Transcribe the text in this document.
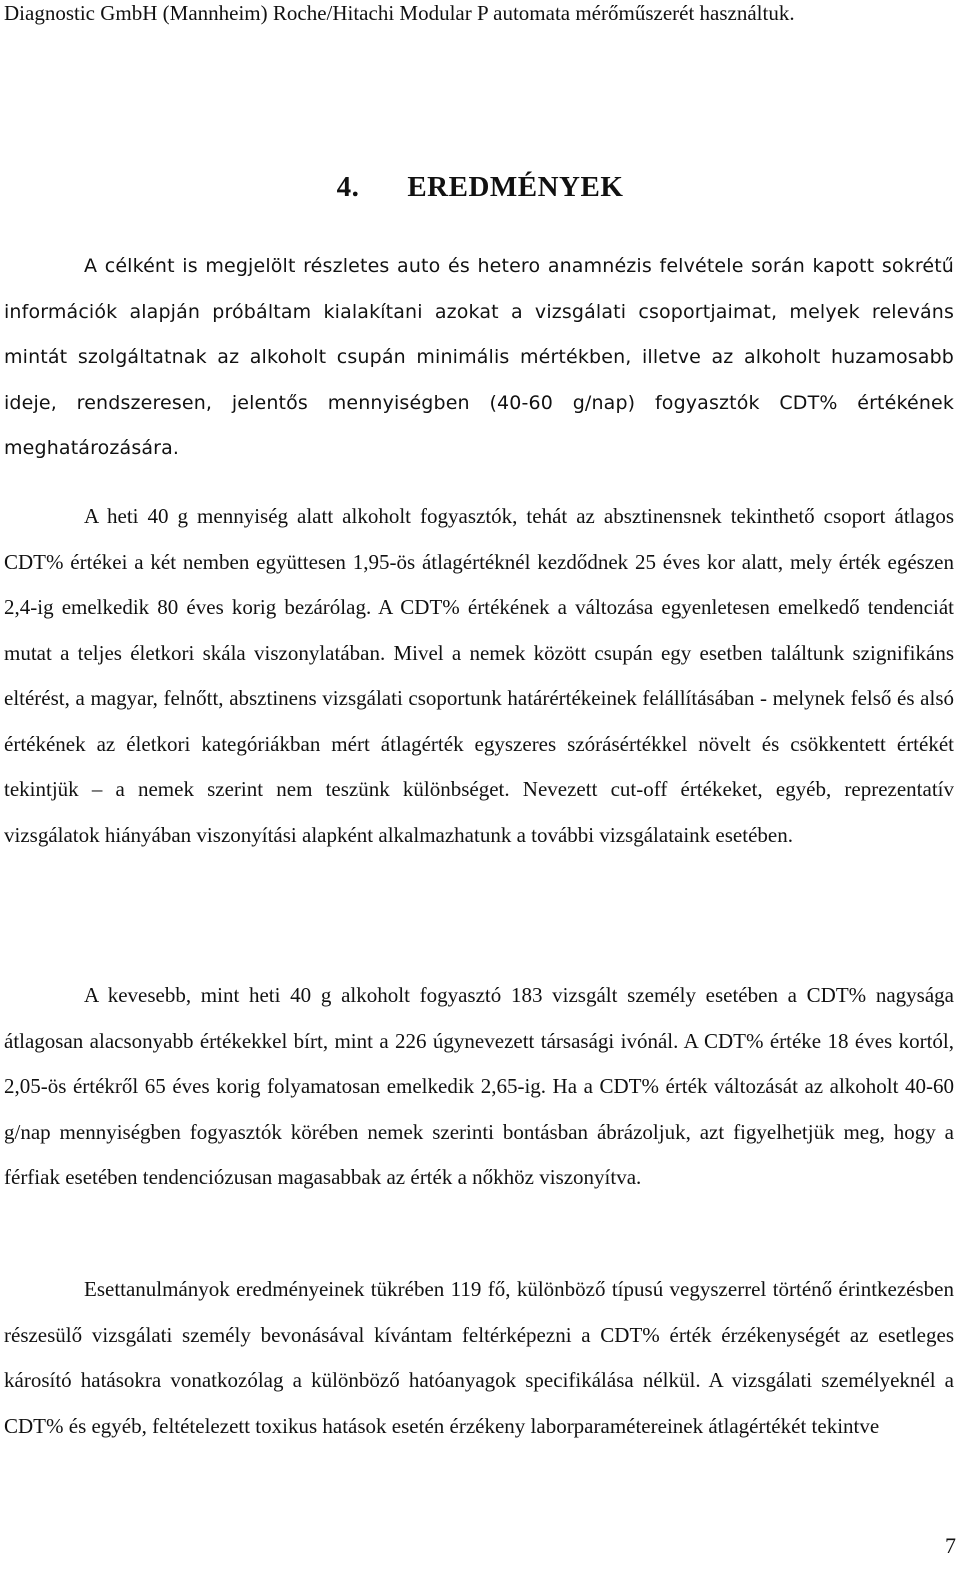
Diagnostic GmbH (Mannheim) Roche/Hitachi Modular P automata mérőműszerét használtuk.

4. EREDMÉNYEK

A célként is megjelölt részletes auto és hetero anamnézis felvétele során kapott sokrétű információk alapján próbáltam kialakítani azokat a vizsgálati csoportjaimat, melyek releváns mintát szolgáltatnak az alkoholt csupán minimális mértékben, illetve az alkoholt huzamosabb ideje, rendszeresen, jelentős mennyiségben (40-60 g/nap) fogyasztók CDT% értékének meghatározására.

A heti 40 g mennyiség alatt alkoholt fogyasztók, tehát az absztinensnek tekinthető csoport átlagos CDT% értékei a két nemben együttesen 1,95-ös átlagértéknél kezdődnek 25 éves kor alatt, mely érték egészen 2,4-ig emelkedik 80 éves korig bezárólag. A CDT% értékének a változása egyenletesen emelkedő tendenciát mutat a teljes életkori skála viszonylatában. Mivel a nemek között csupán egy esetben találtunk szignifikáns eltérést, a magyar, felnőtt, absztinens vizsgálati csoportunk határértékeinek felállításában - melynek felső és alsó értékének az életkori kategóriákban mért átlagérték egyszeres szórásértékkel növelt és csökkentett értékét tekintjük – a nemek szerint nem teszünk különbséget. Nevezett cut-off értékeket, egyéb, reprezentatív vizsgálatok hiányában viszonyítási alapként alkalmazhatunk a további vizsgálataink esetében.

A kevesebb, mint heti 40 g alkoholt fogyasztó 183 vizsgált személy esetében a CDT% nagysága átlagosan alacsonyabb értékekkel bírt, mint a 226 úgynevezett társasági ivónál. A CDT% értéke 18 éves kortól, 2,05-ös értékről 65 éves korig folyamatosan emelkedik 2,65-ig. Ha a CDT% érték változását az alkoholt 40-60 g/nap mennyiségben fogyasztók körében nemek szerinti bontásban ábrázoljuk, azt figyelhetjük meg, hogy a férfiak esetében tendenciózusan magasabbak az érték a nőkhöz viszonyítva.

Esettanulmányok eredményeinek tükrében 119 fő, különböző típusú vegyszerrel történő érintkezésben részesülő vizsgálati személy bevonásával kívántam feltérképezni a CDT% érték érzékenységét az esetleges károsító hatásokra vonatkozólag a különböző hatóanyagok specifikálása nélkül. A vizsgálati személyeknél a CDT% és egyéb, feltételezett toxikus hatások esetén érzékeny laborparamétereinek átlagértékét tekintve

7
